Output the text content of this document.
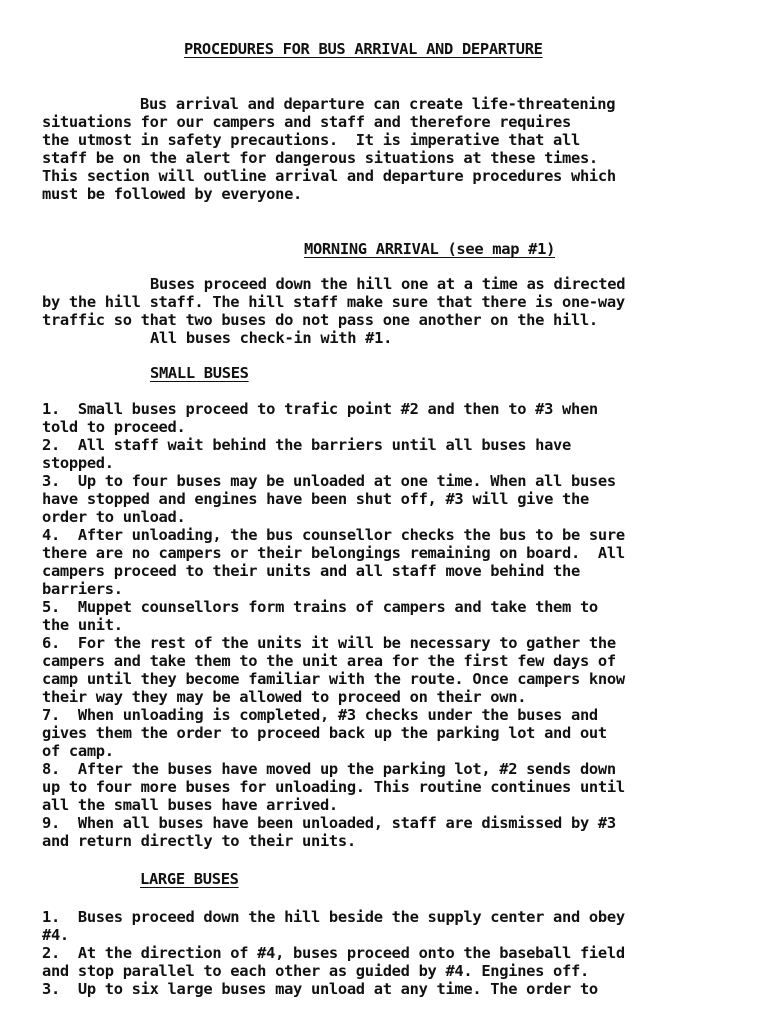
PROCEDURES FOR BUS ARRIVAL AND DEPARTURE
Bus arrival and departure can create life-threatening
situations for our campers and staff and therefore requires
the utmost in safety precautions.  It is imperative that all
staff be on the alert for dangerous situations at these times.
This section will outline arrival and departure procedures which
must be followed by everyone.
MORNING ARRIVAL (see map #1)
Buses proceed down the hill one at a time as directed
by the hill staff. The hill staff make sure that there is one-way
traffic so that two buses do not pass one another on the hill.
All buses check-in with #1.
SMALL BUSES
1.  Small buses proceed to trafic point #2 and then to #3 when
told to proceed.
2.  All staff wait behind the barriers until all buses have
stopped.
3.  Up to four buses may be unloaded at one time. When all buses
have stopped and engines have been shut off, #3 will give the
order to unload.
4.  After unloading, the bus counsellor checks the bus to be sure
there are no campers or their belongings remaining on board.  All
campers proceed to their units and all staff move behind the
barriers.
5.  Muppet counsellors form trains of campers and take them to
the unit.
6.  For the rest of the units it will be necessary to gather the
campers and take them to the unit area for the first few days of
camp until they become familiar with the route. Once campers know
their way they may be allowed to proceed on their own.
7.  When unloading is completed, #3 checks under the buses and
gives them the order to proceed back up the parking lot and out
of camp.
8.  After the buses have moved up the parking lot, #2 sends down
up to four more buses for unloading. This routine continues until
all the small buses have arrived.
9.  When all buses have been unloaded, staff are dismissed by #3
and return directly to their units.
LARGE BUSES
1.  Buses proceed down the hill beside the supply center and obey
#4.
2.  At the direction of #4, buses proceed onto the baseball field
and stop parallel to each other as guided by #4. Engines off.
3.  Up to six large buses may unload at any time. The order to
